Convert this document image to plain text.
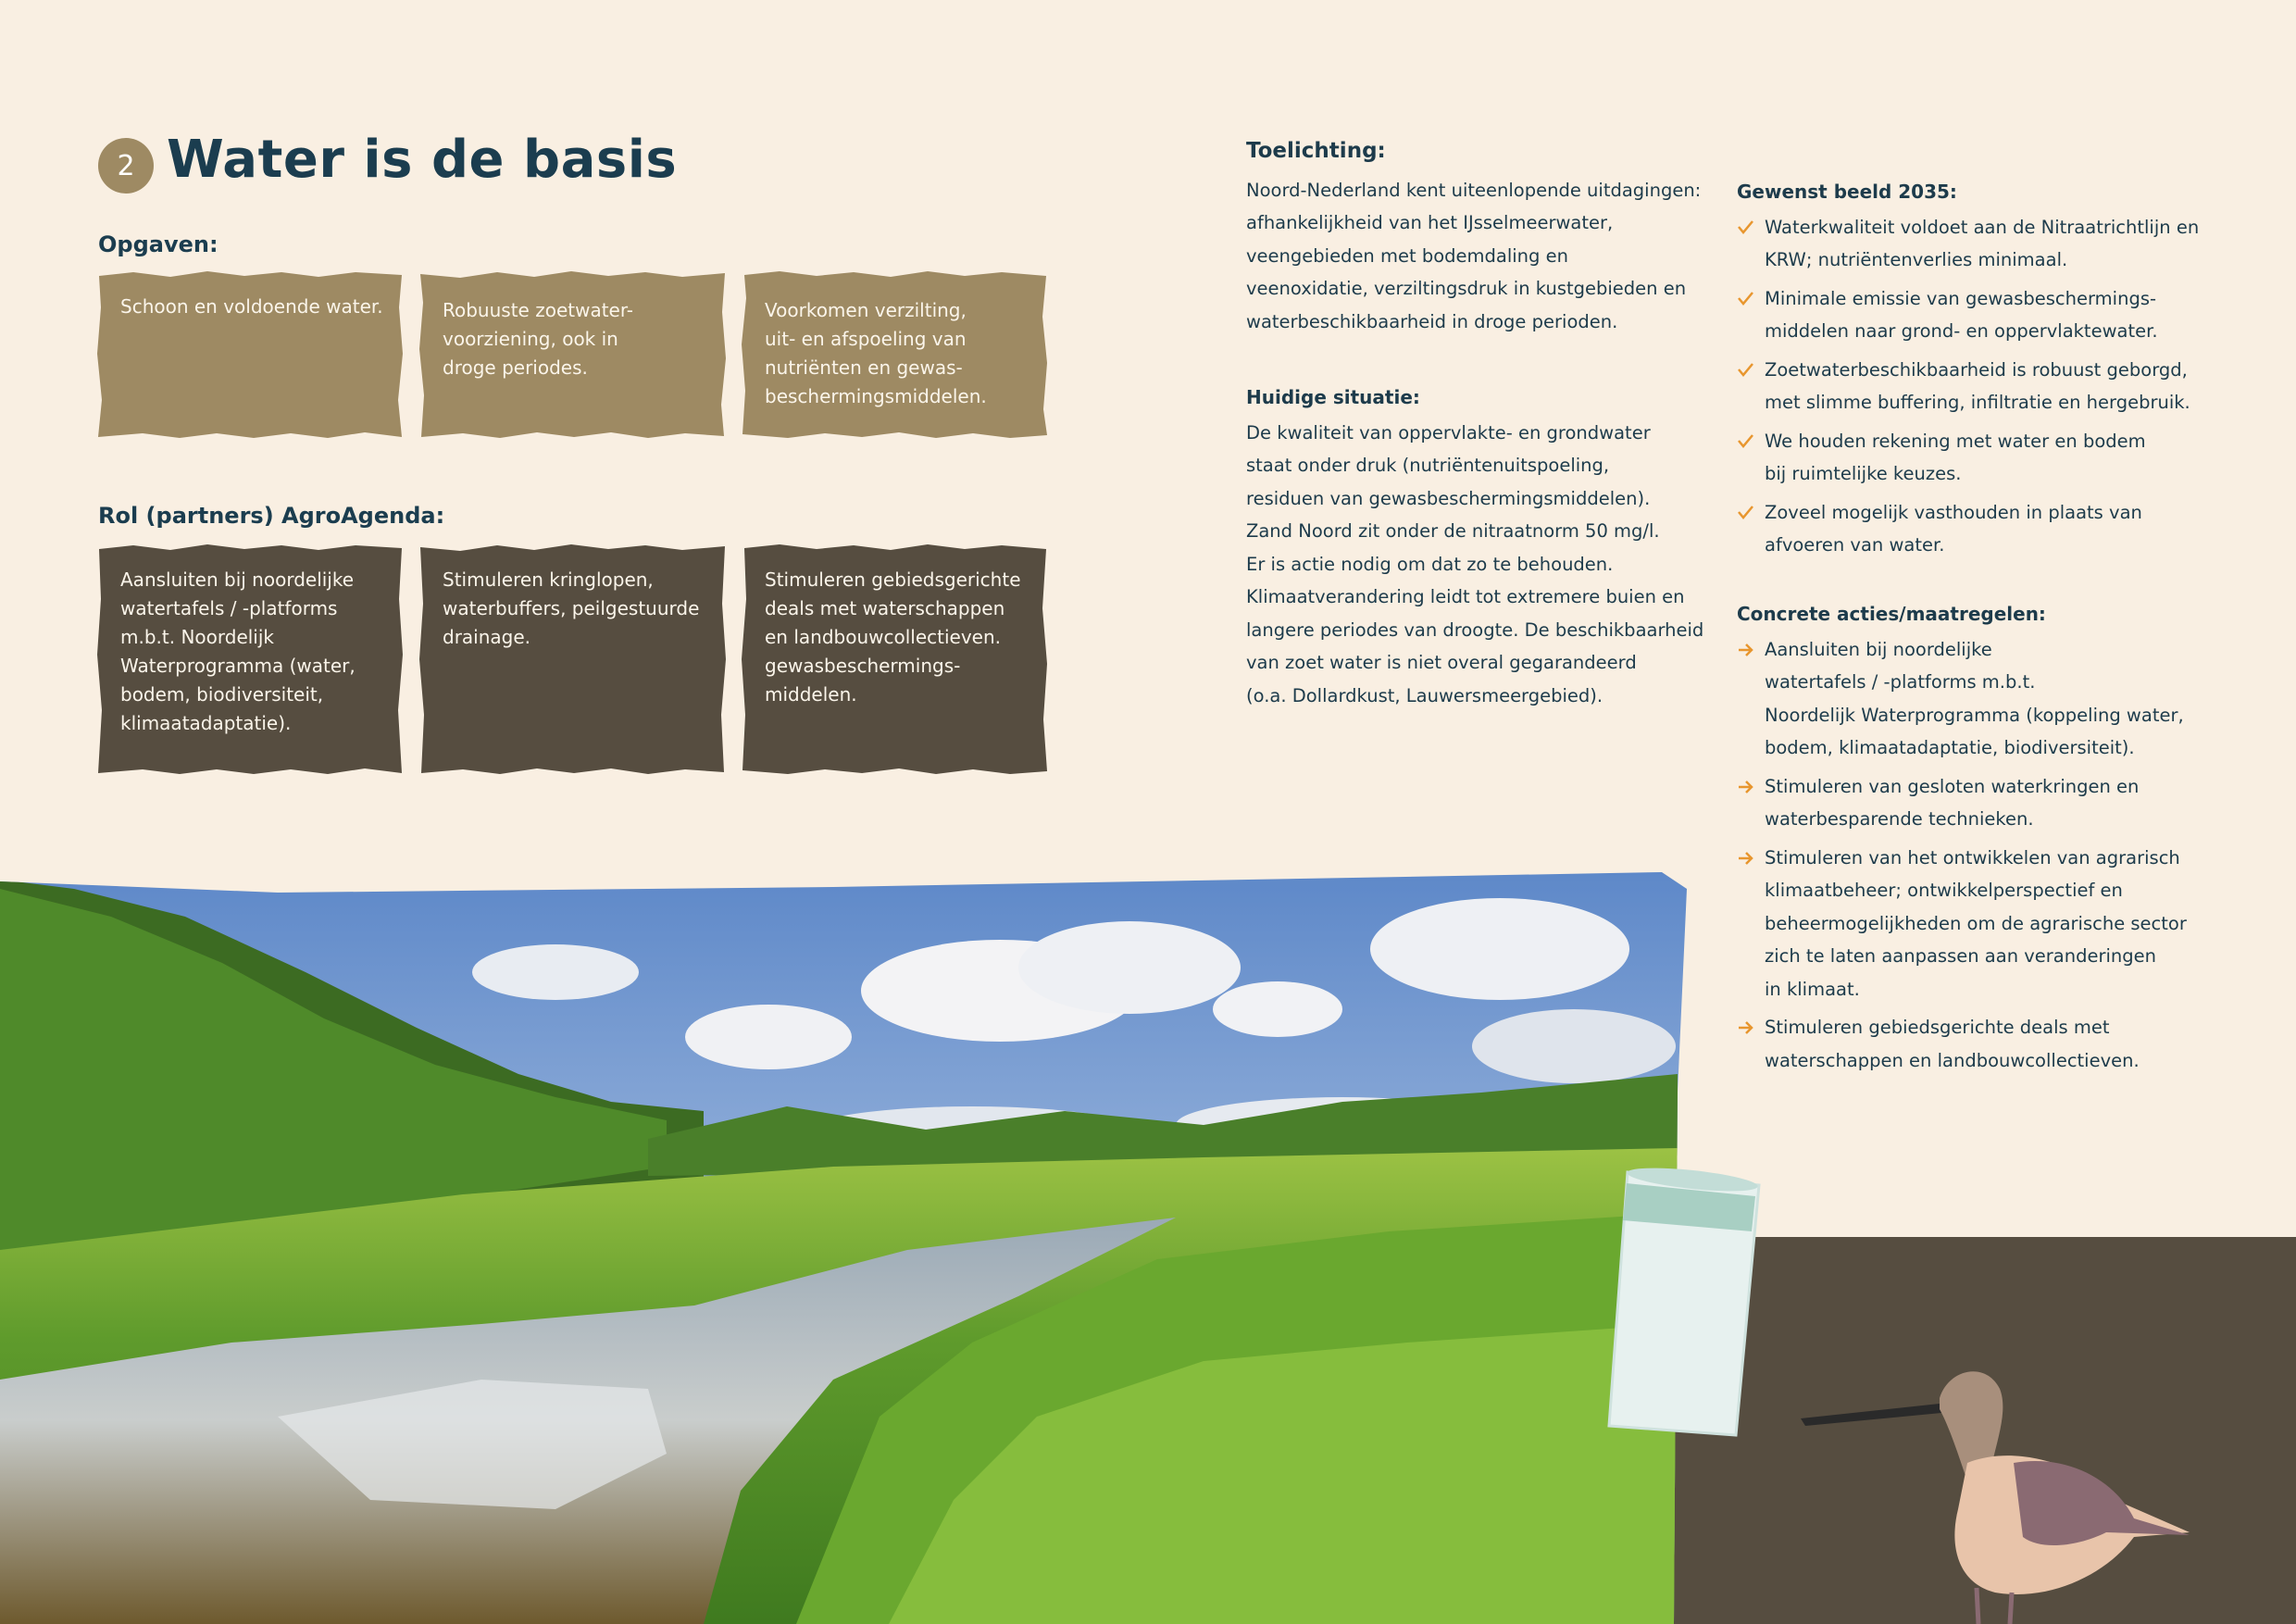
2 Water is de basis
Opgaven:
Schoon en voldoende water.	Robuuste zoetwater-
voorziening, ook in
droge periodes.
Voorkomen verzilting,
uit- en afspoeling van
nutriënten en gewas-
beschermingsmiddelen.
Rol (partners) AgroAgenda:
Aansluiten bij noordelijke
watertafels / -platforms
m.b.t. Noordelijk
Waterprogramma (water,
bodem, biodiversiteit,
klimaatadaptatie).
Stimuleren kringlopen,
waterbuffers, peilgestuurde
drainage.
Stimuleren gebiedsgerichte
deals met waterschappen
en landbouwcollectieven.
gewasbeschermings-
middelen.
Toelichting:

Noord-Nederland kent uiteenlopende uitdagingen:
afhankelijkheid van het IJsselmeerwater,
veengebieden met bodemdaling en
veenoxidatie, verziltingsdruk in kustgebieden en
waterbeschikbaarheid in droge perioden.

Huidige situatie:

De kwaliteit van oppervlakte- en grondwater
staat onder druk (nutriëntenuitspoeling,
residuen van gewasbeschermingsmiddelen).
Zand Noord zit onder de nitraatnorm 50 mg/l.
Er is actie nodig om dat zo te behouden.
Klimaatverandering leidt tot extremere buien en
langere periodes van droogte. De beschikbaarheid
van zoet water is niet overal gegarandeerd
(o.a. Dollardkust, Lauwersmeergebied).

Gewenst beeld 2035:
Waterkwaliteit voldoet aan de Nitraatrichtlijn en
KRW; nutriëntenverlies minimaal.
Minimale emissie van gewasbeschermings-
middelen naar grond- en oppervlaktewater.
Zoetwaterbeschikbaarheid is robuust geborgd,
met slimme buffering, infiltratie en hergebruik.
We houden rekening met water en bodem
bij ruimtelijke keuzes.
Zoveel mogelijk vasthouden in plaats van
afvoeren van water.
Concrete acties/maatregelen:
Aansluiten bij noordelijke
watertafels / -platforms m.b.t.
Noordelijk Waterprogramma (koppeling water,
bodem, klimaatadaptatie, biodiversiteit).
Stimuleren van gesloten waterkringen en
waterbesparende technieken.
Stimuleren van het ontwikkelen van agrarisch
klimaatbeheer; ontwikkelperspectief en
beheermogelijkheden om de agrarische sector
zich te laten aanpassen aan veranderingen
in klimaat.
Stimuleren gebiedsgerichte deals met
waterschappen en landbouwcollectieven.
